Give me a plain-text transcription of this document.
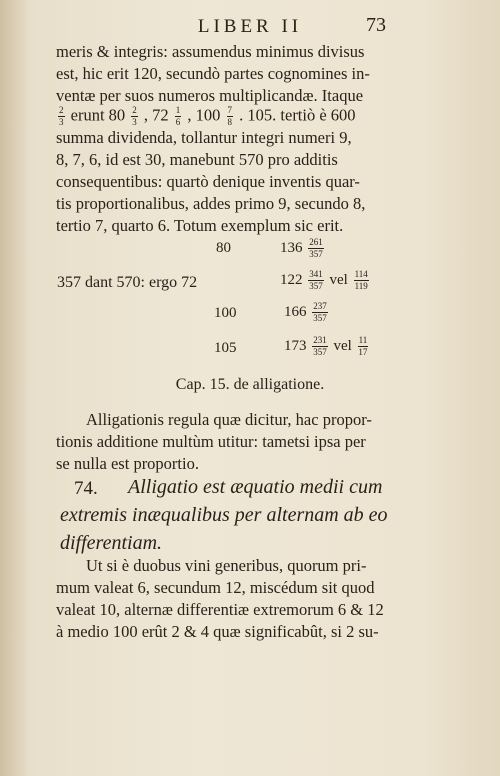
LIBER II	73
meris & integris: assumendus minimus divisus
est, hic erit 120, secundò partes cognomines in-
ventæ per suos numeros multiplicandæ. Itaque
$\frac{2}{3}$ erunt $80 \frac{2}{3}$ , $72 \frac{1}{6}$ , $100 \frac{7}{8}$ . 105. tertiò è 600
summa dividenda, tollantur integri numeri 9,
8, 7, 6, id est 30, manebunt 570 pro additis
consequentibus: quartò denique inventis quar-
tis proportionalibus, addes primo 9, secundo 8,
tertio 7, quarto 6. Totum exemplum sic erit.
80	$136 \frac{261}{357}$
357 dant 570: ergo 72	$122 \frac{341}{357}$ vel $\frac{114}{119}$
100	$166 \frac{237}{357}$
105	$173 \frac{231}{357}$ vel $\frac{11}{17}$
Cap. 15. de alligatione.
Alligationis regula quæ dicitur, hac propor-
tionis additione multùm utitur: tametsi ipsa per
se nulla est proportio.
74. Alligatio est æquatio medii cum
extremis inæqualibus per alternam ab eo
differentiam.
Ut si è duobus vini generibus, quorum pri-
mum valeat 6, secundum 12, miscédum sit quod
valeat 10, alternæ differentiæ extremorum 6 & 12
à medio 100 erût 2 & 4 quæ significabût, si 2 su-
